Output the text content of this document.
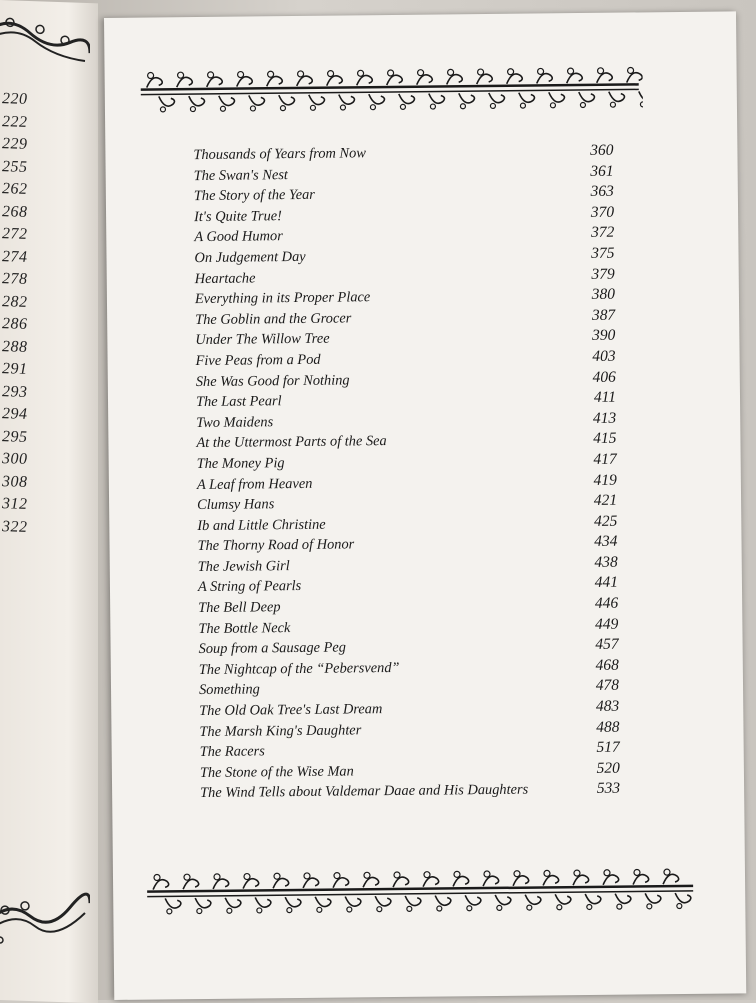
220
222
229
255
262
268
272
274
278
282
286
288
291
293
294
295
300
308
312
322
Thousands of Years from Now	360
The Swan's Nest	361
The Story of the Year	363
It's Quite True!	370
A Good Humor	372
On Judgement Day	375
Heartache	379
Everything in its Proper Place	380
The Goblin and the Grocer	387
Under The Willow Tree	390
Five Peas from a Pod	403
She Was Good for Nothing	406
The Last Pearl	411
Two Maidens	413
At the Uttermost Parts of the Sea	415
The Money Pig	417
A Leaf from Heaven	419
Clumsy Hans	421
Ib and Little Christine	425
The Thorny Road of Honor	434
The Jewish Girl	438
A String of Pearls	441
The Bell Deep	446
The Bottle Neck	449
Soup from a Sausage Peg	457
The Nightcap of the “Pebersvend”	468
Something	478
The Old Oak Tree's Last Dream	483
The Marsh King's Daughter	488
The Racers	517
The Stone of the Wise Man	520
The Wind Tells about Valdemar Daae and His Daughters	533
